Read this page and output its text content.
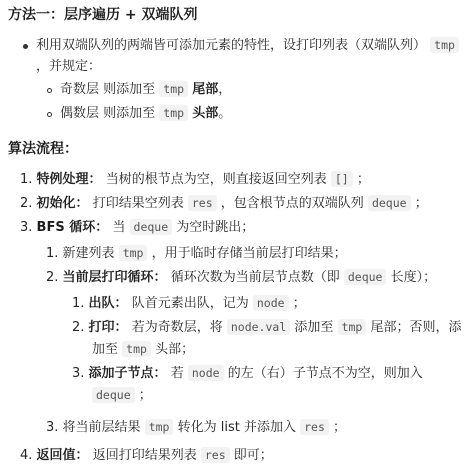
方法一：层序遍历 + 双端队列
利用双端队列的两端皆可添加元素的特性，设打印列表（双端队列） tmp
，并规定：
奇数层 则添加至 tmp 尾部，
偶数层 则添加至 tmp 头部。
算法流程：
1. 特例处理： 当树的根节点为空，则直接返回空列表 [] ；
2. 初始化： 打印结果空列表 res ，包含根节点的双端队列 deque ；
3. BFS 循环： 当 deque 为空时跳出；
1. 新建列表 tmp ，用于临时存储当前层打印结果；
2. 当前层打印循环： 循环次数为当前层节点数（即 deque 长度）；
1. 出队： 队首元素出队，记为 node ；
2. 打印： 若为奇数层，将 node.val 添加至 tmp 尾部；否则，添
加至 tmp 头部；
3. 添加子节点： 若 node 的左（右）子节点不为空，则加入
deque ；
3. 将当前层结果 tmp 转化为 list 并添加入 res ；
4. 返回值： 返回打印结果列表 res 即可；
